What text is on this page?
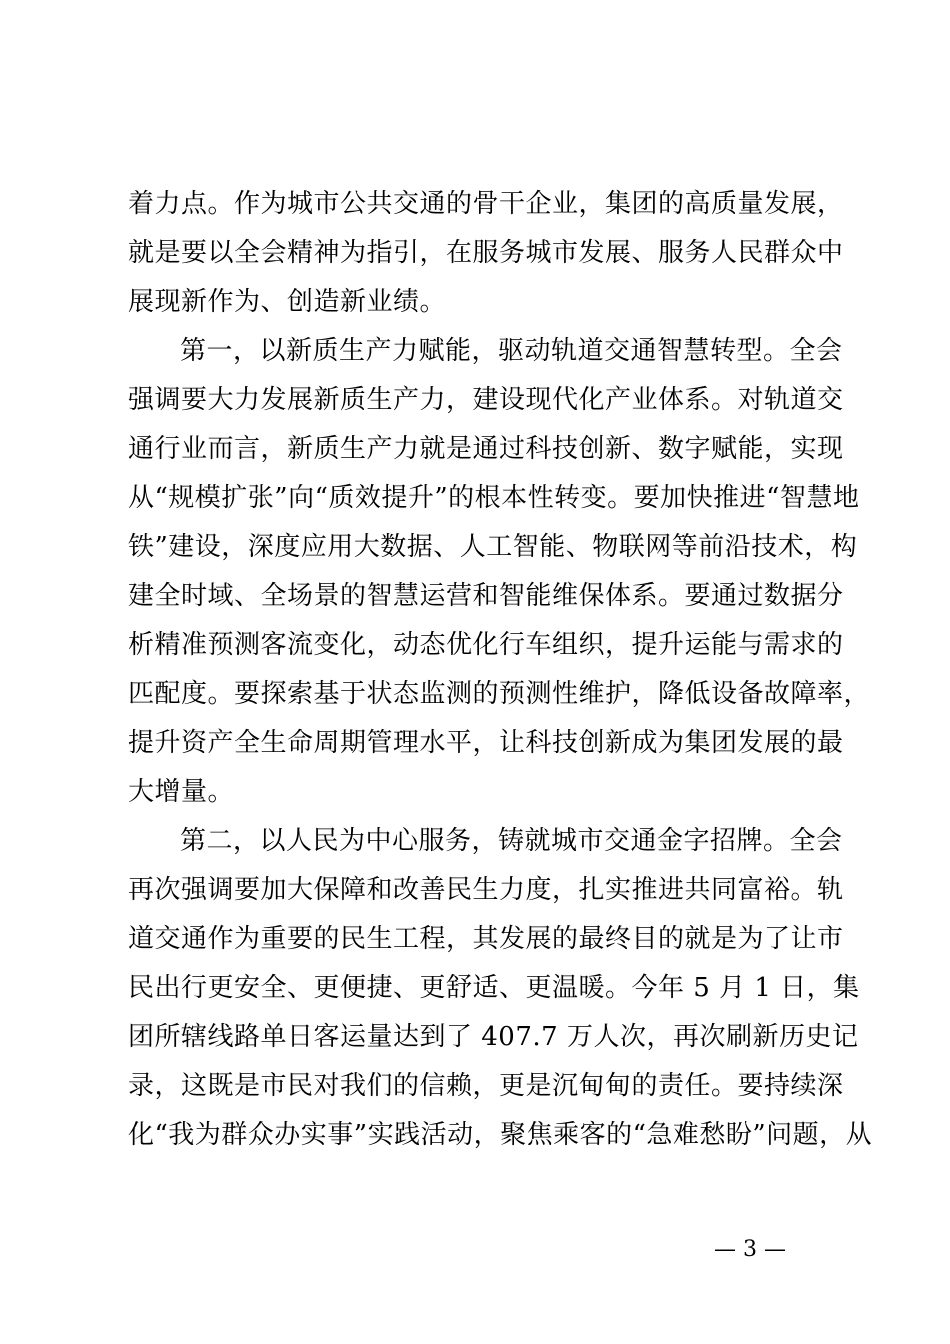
着力点。作为城市公共交通的骨干企业，集团的高质量发展，
就是要以全会精神为指引，在服务城市发展、服务人民群众中
展现新作为、创造新业绩。
第一，以新质生产力赋能，驱动轨道交通智慧转型。全会
强调要大力发展新质生产力，建设现代化产业体系。对轨道交
通行业而言，新质生产力就是通过科技创新、数字赋能，实现
从“规模扩张”向“质效提升”的根本性转变。要加快推进“智慧地
铁”建设，深度应用大数据、人工智能、物联网等前沿技术，构
建全时域、全场景的智慧运营和智能维保体系。要通过数据分
析精准预测客流变化，动态优化行车组织，提升运能与需求的
匹配度。要探索基于状态监测的预测性维护，降低设备故障率，
提升资产全生命周期管理水平，让科技创新成为集团发展的最
大增量。
第二，以人民为中心服务，铸就城市交通金字招牌。全会
再次强调要加大保障和改善民生力度，扎实推进共同富裕。轨
道交通作为重要的民生工程，其发展的最终目的就是为了让市
民出行更安全、更便捷、更舒适、更温暖。今年 5 月 1 日，集
团所辖线路单日客运量达到了 407.7 万人次，再次刷新历史记
录，这既是市民对我们的信赖，更是沉甸甸的责任。要持续深
化“我为群众办实事”实践活动，聚焦乘客的“急难愁盼”问题，从
— 3 —
